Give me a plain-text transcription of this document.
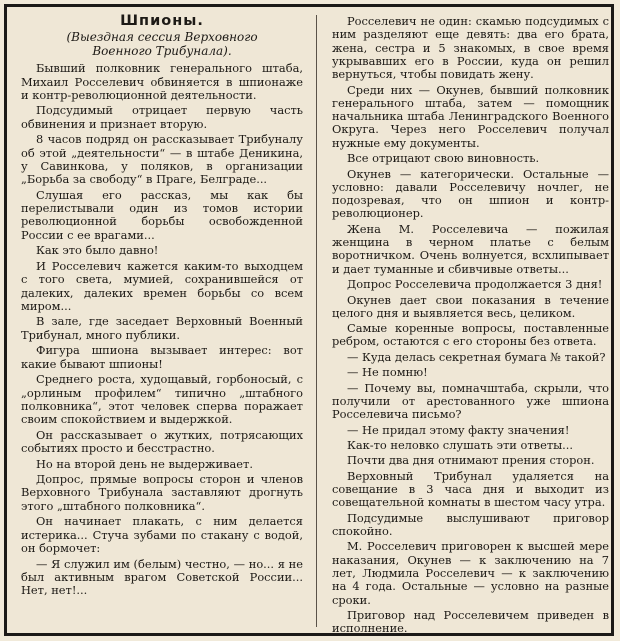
Шпионы.
(Выездная сессия Верховного Военного Трибунала).

Бывший полковник генерального штаба, Михаил Росселевич обвиняется в шпионаже и контр-революционной деятельности.

Подсудимый отрицает первую часть обвинения и признает вторую.

8 часов подряд он рассказывает Трибуналу об этой „деятельности“ — в штабе Деникина, у Савинкова, у поляков, в организации „Борьба за свободу“ в Праге, Белграде...

Слушая его рассказ, мы как бы перелистывали один из томов истории революционной борьбы освобожденной России с ее врагами...

Как это было давно!

И Росселевич кажется каким-то выходцем с того света, мумией, сохранившейся от далеких, далеких времен борьбы со всем миром...

В зале, где заседает Верховный Военный Трибунал, много публики.

Фигура шпиона вызывает интерес: вот какие бывают шпионы!

Среднего роста, худощавый, горбоносый, с „орлиным профилем“ типично „штабного полковника“, этот человек сперва поражает своим спокойствием и выдержкой.

Он рассказывает о жутких, потрясающих событиях просто и бесстрастно.

Но на второй день не выдерживает.

Допрос, прямые вопросы сторон и членов Верховного Трибунала заставляют дрогнуть этого „штабного полковника“.

Он начинает плакать, с ним делается истерика... Стуча зубами по стакану с водой, он бормочет:

— Я служил им (белым) честно, — но... я не был активным врагом Советской России... Нет, нет!...

Росселевич не один: скамью подсудимых с ним разделяют еще девять: два его брата, жена, сестра и 5 знакомых, в свое время укрывавших его в России, куда он решил вернуться, чтобы повидать жену.

Среди них — Окунев, бывший полковник генерального штаба, затем — помощник начальника штаба Ленинградского Военного Округа. Через него Росселевич получал нужные ему документы.

Все отрицают свою виновность.

Окунев — категорически. Остальные — условно: давали Росселевичу ночлег, не подозревая, что он шпион и контр-революционер.

Жена М. Росселевича — пожилая женщина в черном платье с белым воротничком. Очень волнуется, всхлипывает и дает туманные и сбивчивые ответы...

Допрос Росселевича продолжается 3 дня!

Окунев дает свои показания в течение целого дня и выявляется весь, целиком.

Самые коренные вопросы, поставленные ребром, остаются с его стороны без ответа.

— Куда делась секретная бумага № такой?

— Не помню!

— Почему вы, помначштаба, скрыли, что получили от арестованного уже шпиона Росселевича письмо?

— Не придал этому факту значения!

Как-то неловко слушать эти ответы...

Почти два дня отнимают прения сторон.

Верховный Трибунал удаляется на совещание в 3 часа дня и выходит из совещательной комнаты в шестом часу утра.

Подсудимые выслушивают приговор спокойно.

М. Росселевич приговорен к высшей мере наказания, Окунев — к заключению на 7 лет, Людмила Росселевич — к заключению на 4 года. Остальные — условно на разные сроки.

Приговор над Росселевичем приведен в исполнение.
